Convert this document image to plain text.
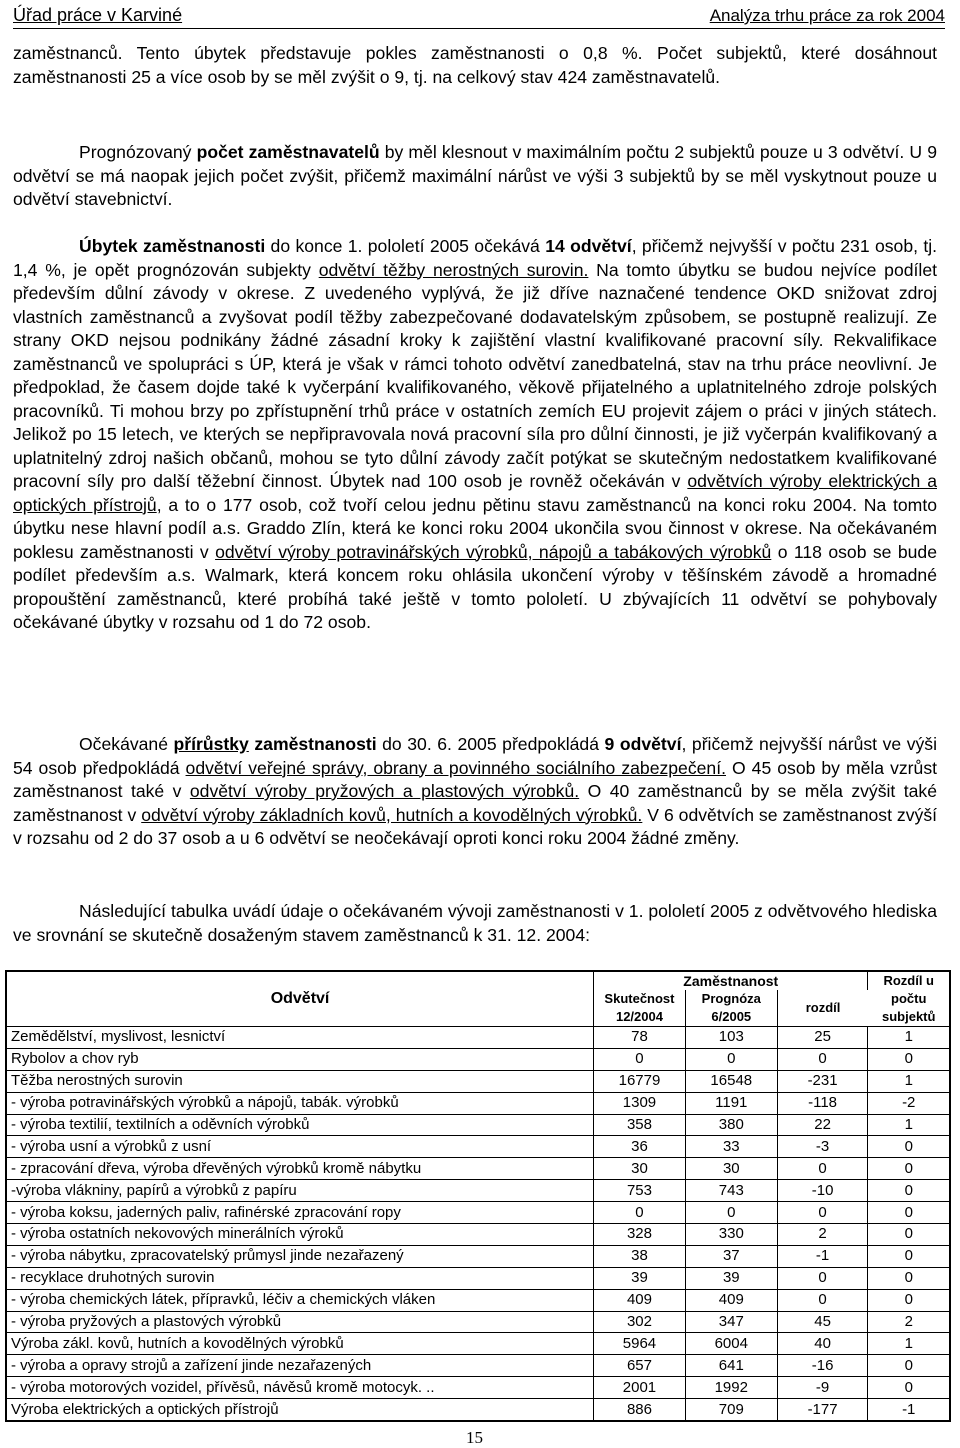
Úřad práce v Karviné	Analýza trhu práce za rok 2004

zaměstnanců. Tento úbytek představuje pokles zaměstnanosti o 0,8 %. Počet subjektů, které dosáhnout zaměstnanosti 25 a více osob by se měl zvýšit o 9, tj. na celkový stav 424 zaměstnavatelů.

Prognózovaný počet zaměstnavatelů by měl klesnout v maximálním počtu 2 subjektů pouze u 3 odvětví. U 9 odvětví se má naopak jejich počet zvýšit, přičemž maximální nárůst ve výši 3 subjektů by se měl vyskytnout pouze u odvětví stavebnictví.

Úbytek zaměstnanosti do konce 1. pololetí 2005 očekává 14 odvětví, přičemž nejvyšší v počtu 231 osob, tj. 1,4 %, je opět prognózován subjekty odvětví těžby nerostných surovin. Na tomto úbytku se budou nejvíce podílet především důlní závody v okrese. Z uvedeného vyplývá, že již dříve naznačené tendence OKD snižovat zdroj vlastních zaměstnanců a zvyšovat podíl těžby zabezpečované dodavatelským způsobem, se postupně realizují. Ze strany OKD nejsou podnikány žádné zásadní kroky k zajištění vlastní kvalifikované pracovní síly. Rekvalifikace zaměstnanců ve spolupráci s ÚP, která je však v rámci tohoto odvětví zanedbatelná, stav na trhu práce neovlivní. Je předpoklad, že časem dojde také k vyčerpání kvalifikovaného, věkově přijatelného a uplatnitelného zdroje polských pracovníků. Ti mohou brzy po zpřístupnění trhů práce v ostatních zemích EU projevit zájem o práci v jiných státech. Jelikož po 15 letech, ve kterých se nepřipravovala nová pracovní síla pro důlní činnosti, je již vyčerpán kvalifikovaný a uplatnitelný zdroj našich občanů, mohou se tyto důlní závody začít potýkat se skutečným nedostatkem kvalifikované pracovní síly pro další těžební činnost. Úbytek nad 100 osob je rovněž očekáván v odvětvích výroby elektrických a optických přístrojů, a to o 177 osob, což tvoří celou jednu pětinu stavu zaměstnanců na konci roku 2004. Na tomto úbytku nese hlavní podíl a.s. Graddo Zlín, která ke konci roku 2004 ukončila svou činnost v okrese. Na očekávaném poklesu zaměstnanosti v odvětví výroby potravinářských výrobků, nápojů a tabákových výrobků o 118 osob se bude podílet především a.s. Walmark, která koncem roku ohlásila ukončení výroby v těšínském závodě a hromadné propouštění zaměstnanců, které probíhá také ještě v tomto pololetí. U zbývajících 11 odvětví se pohybovaly očekávané úbytky v rozsahu od 1 do 72 osob.

Očekávané přírůstky zaměstnanosti do 30. 6. 2005 předpokládá 9 odvětví, přičemž nejvyšší nárůst ve výši 54 osob předpokládá odvětví veřejné správy, obrany a povinného sociálního zabezpečení. O 45 osob by měla vzrůst zaměstnanost také v odvětví výroby pryžových a plastových výrobků. O 40 zaměstnanců by se měla zvýšit také zaměstnanost v odvětví výroby základních kovů, hutních a kovodělných výrobků. V 6 odvětvích se zaměstnanost zvýší v rozsahu od 2 do 37 osob a u 6 odvětví se neočekávají oproti konci roku 2004 žádné změny.

Následující tabulka uvádí údaje o očekávaném vývoji zaměstnanosti v 1. pololetí 2005 z odvětvového hlediska ve srovnání se skutečně dosaženým stavem zaměstnanců k 31. 12. 2004:

Odvětví	Zaměstnanost			Rozdíl u počtu subjektů
	Skutečnost 12/2004	Prognóza 6/2005	rozdíl	
Zemědělství, myslivost, lesnictví	78	103	25	1
Rybolov a chov ryb	0	0	0	0
Těžba nerostných surovin	16779	16548	-231	1
- výroba potravinářských výrobků a nápojů, tabák. výrobků	1309	1191	-118	-2
- výroba textilií, textilních a oděvních výrobků	358	380	22	1
- výroba usní a výrobků z usní	36	33	-3	0
- zpracování dřeva, výroba dřevěných výrobků kromě nábytku	30	30	0	0
-výroba vlákniny, papírů a výrobků z papíru	753	743	-10	0
- výroba koksu, jaderných paliv, rafinérské zpracování ropy	0	0	0	0
- výroba ostatních nekovových minerálních výroků	328	330	2	0
- výroba nábytku, zpracovatelský průmysl jinde nezařazený	38	37	-1	0
- recyklace druhotných surovin	39	39	0	0
- výroba chemických látek, přípravků, léčiv a chemických vláken	409	409	0	0
- výroba pryžových a plastových výrobků	302	347	45	2
Výroba zákl. kovů, hutních a kovodělných výrobků	5964	6004	40	1
- výroba a opravy strojů a zařízení jinde nezařazených	657	641	-16	0
- výroba motorových vozidel, přívěsů, návěsů kromě motocyk. ..	2001	1992	-9	0
Výroba elektrických a optických přístrojů	886	709	-177	-1
15
